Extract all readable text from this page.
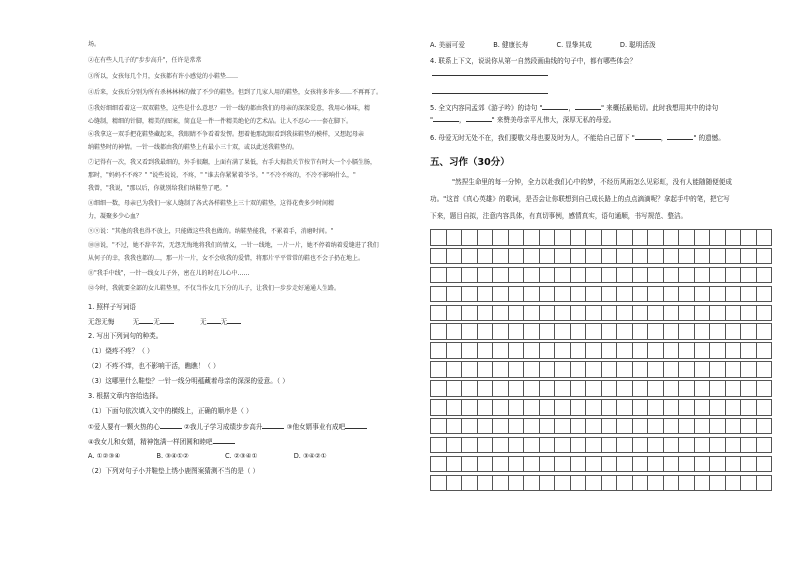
场。
②在有些人几子的"步步高升"，任许是常常
③所以，女孩每几个月，女孩都有许小感觉的小鞋垫……
④后来，女孩后分别为所有杀林林林的做了不少的鞋垫。但到了几家人用的鞋垫，女孩将多许多……不再再了。
⑤我好细细看着这一双双鞋垫，这些是什么意思？一针一线的都由我们的母亲的深深爱意，我用心体味，精
心缝制，精细的针脚，精美的图案，简直是一件一件精美绝伦的艺术品。让人不忍心一一套在脚下。
⑥我拿这一双手把花鞋垫藏起来，我眼睛不争看着发愣。想着他那起眼看到我抹鞋垫的模样，又想起母亲
纳鞋垫时的神情。一针一线都由我的鞋垫上有最小三十双，或以此送我鞋垫的。
⑦记得有一次，我又看到我最细的，外手很翻，上面有满了果低，右手大拇指关节按节有时大一个小膈生肠，
那时，"妈妈不不疼？" "说些说说，不疼，" "谁去你紧紧着爷爷。" "不冷不疼的，不冷不影响什么，"
我曾，"我说，"那以后，你就别给我们纳鞋垫了吧。"
⑧细细一数，母亲已为我们一家人缝制了各式各样鞋垫上三十双的鞋垫，这得花费多少时间精
力，凝聚多少心血？
⑨⑨说："其他的我也得不放上，只能做这些我也做的。纳鞋垫能我，不累着手，消磨时间。"
⑩⑩说，"不过，她不辞辛苦，无怨无悔地将我们的情义，一针一线地，一片一片，她不停着纳着爱缝进了我们
从何子的幸，我我也都的…，那一片一片，女不会收我的爱惜，将那片平平常常的鞋也不会子扔在地上。
⑪"我手中线"，一针一线女儿子外，密在儿的时在儿心中……
⑫今时，我就要全部的女儿鞋垫里，不仅当作女几下分的儿子，让我们一步步走好通通人生路。
1. 照样子写词语
无怨无悔	无 无	无 无
2. 写出下列词句的种类。
（1）烧疼不疼？（ ）
（2）不疼不痒，也不影响干活，瞧瞧！（ ）
（3）这哪里什么鞋垫？一针一线分明蕴藏着母亲的深深的爱意。（ ）
3. 根据文章内容给选择。
（1）下面句依次填入文中的横线上，正确的顺序是（ ）
①爱人要有一颗火热的心	②我儿子学习成绩步步高升	③他女婿事业有成吧
④我女儿和女婿，精神饱满一样团圆和睦吧
A. ①②③④	B. ③④①②	C. ②③④①	D. ③④②①
（2）下列对句子小并鞋垫上绣小鹿图案猜测不当的是（ ）
A. 美丽可爱	B. 健康长寿	C. 显挚其成	D. 聪明活泼
4. 联系上下文，说说你从第一自然段画曲线的句子中，都有哪些体会？
5. 全文内容同孟郊《游子吟》的诗句 "	，	" 来概括最贴切。此时我想用其中的诗句
"	，	" 来赞美母亲平凡伟大，深厚无私的母爱。
6. 母爱无时无处不在，我们要敬父母也要及时为人，不能给自己留下 "	，	" 的遗憾。
五、习作（30分）
"然捏生命里的每一分钟，全力以赴我们心中的梦，不经历风雨怎么见彩虹，没有人能随随便便成
功。"这首《真心英雄》的歌词，是否会让你联想到自己成长路上的点点滴滴呢？拿起手中的笔，把它写
下来，题目自拟，注意内容具体，有真切事例，感情真实，语句通顺，书写规范、整洁。
